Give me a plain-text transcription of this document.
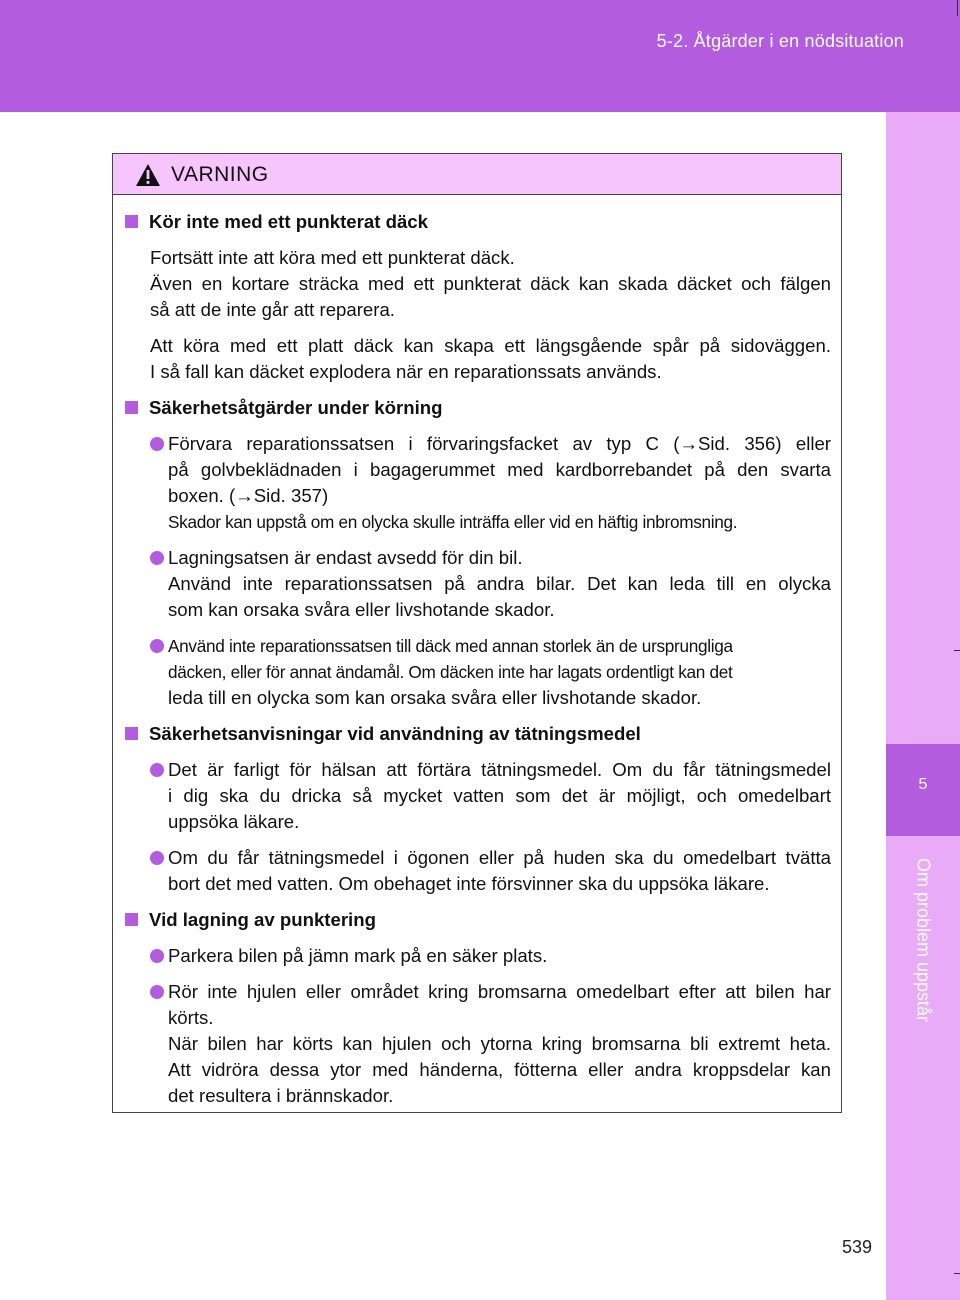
5-2. Åtgärder i en nödsituation
5
Om problem uppstår
VARNING
Kör inte med ett punkterat däck
Fortsätt inte att köra med ett punkterat däck.
Även en kortare sträcka med ett punkterat däck kan skada däcket och fälgen
så att de inte går att reparera.
Att köra med ett platt däck kan skapa ett längsgående spår på sidoväggen.
I så fall kan däcket explodera när en reparationssats används.
Säkerhetsåtgärder under körning
Förvara reparationssatsen i förvaringsfacket av typ C (→Sid. 356) eller
på golvbeklädnaden i bagagerummet med kardborrebandet på den svarta
boxen. (→Sid. 357)
Skador kan uppstå om en olycka skulle inträffa eller vid en häftig inbromsning.
Lagningsatsen är endast avsedd för din bil.
Använd inte reparationssatsen på andra bilar. Det kan leda till en olycka
som kan orsaka svåra eller livshotande skador.
Använd inte reparationssatsen till däck med annan storlek än de ursprungliga
däcken, eller för annat ändamål. Om däcken inte har lagats ordentligt kan det
leda till en olycka som kan orsaka svåra eller livshotande skador.
Säkerhetsanvisningar vid användning av tätningsmedel
Det är farligt för hälsan att förtära tätningsmedel. Om du får tätningsmedel
i dig ska du dricka så mycket vatten som det är möjligt, och omedelbart
uppsöka läkare.
Om du får tätningsmedel i ögonen eller på huden ska du omedelbart tvätta
bort det med vatten. Om obehaget inte försvinner ska du uppsöka läkare.
Vid lagning av punktering
Parkera bilen på jämn mark på en säker plats.
Rör inte hjulen eller området kring bromsarna omedelbart efter att bilen har
körts.
När bilen har körts kan hjulen och ytorna kring bromsarna bli extremt heta.
Att vidröra dessa ytor med händerna, fötterna eller andra kroppsdelar kan
det resultera i brännskador.
539
